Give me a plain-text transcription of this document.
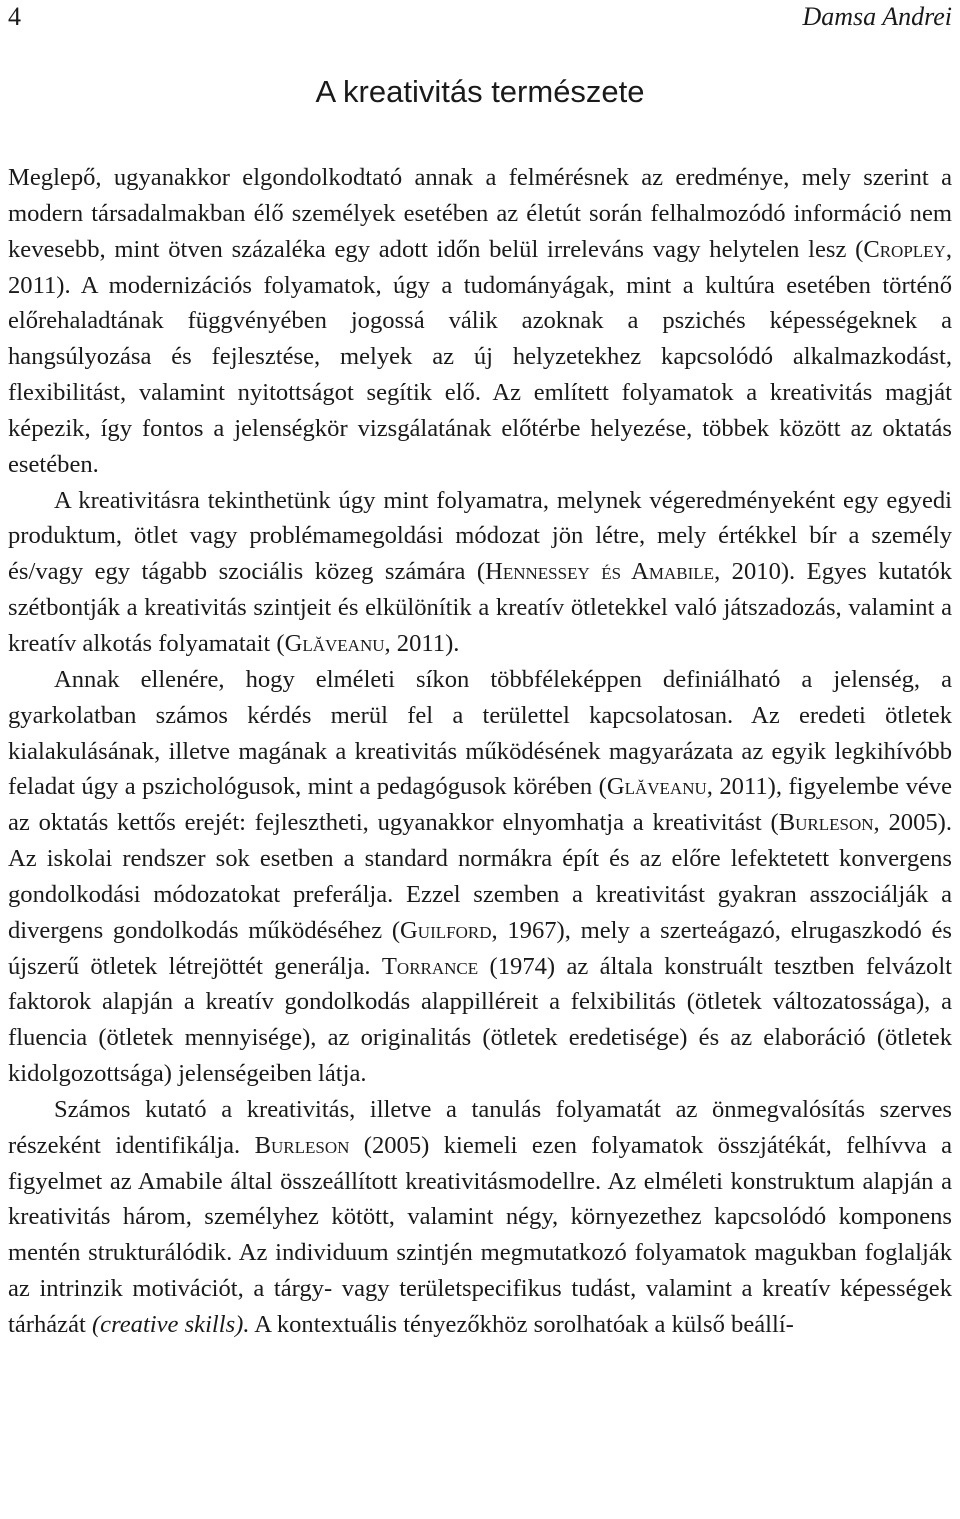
4	Damsa Andrei
A kreativitás természete

Meglepő, ugyanakkor elgondolkodtató annak a felmérésnek az eredménye, mely szerint a modern társadalmakban élő személyek esetében az életút során felhalmozódó információ nem kevesebb, mint ötven százaléka egy adott időn belül irreleváns vagy helytelen lesz (Cropley, 2011). A modernizációs folyamatok, úgy a tudományágak, mint a kultúra esetében történő előrehaladtának függvényében jogossá válik azoknak a pszichés képességeknek a hangsúlyozása és fejlesztése, melyek az új helyzetekhez kapcsolódó alkalmazkodást, flexibilitást, valamint nyitottságot segítik elő. Az említett folyamatok a kreativitás magját képezik, így fontos a jelenségkör vizsgálatának előtérbe helyezése, többek között az oktatás esetében.

A kreativitásra tekinthetünk úgy mint folyamatra, melynek végeredményeként egy egyedi produktum, ötlet vagy problémamegoldási módozat jön létre, mely értékkel bír a személy és/vagy egy tágabb szociális közeg számára (Hennessey és Amabile, 2010). Egyes kutatók szétbontják a kreativitás szintjeit és elkülönítik a kreatív ötletekkel való játszadozás, valamint a kreatív alkotás folyamatait (Glăveanu, 2011).

Annak ellenére, hogy elméleti síkon többféleképpen definiálható a jelenség, a gyarkolatban számos kérdés merül fel a területtel kapcsolatosan. Az eredeti ötletek kialakulásának, illetve magának a kreativitás működésének magyarázata az egyik legkihívóbb feladat úgy a pszichológusok, mint a pedagógusok körében (Glăveanu, 2011), figyelembe véve az oktatás kettős erejét: fejlesztheti, ugyanakkor elnyomhatja a kreativitást (Burleson, 2005). Az iskolai rendszer sok esetben a standard normákra épít és az előre lefektetett konvergens gondolkodási módozatokat preferálja. Ezzel szemben a kreativitást gyakran asszociálják a divergens gondolkodás működéséhez (Guilford, 1967), mely a szerteágazó, elrugaszkodó és újszerű ötletek létrejöttét generálja. Torrance (1974) az általa konstruált tesztben felvázolt faktorok alapján a kreatív gondolkodás alappilléreit a felxibilitás (ötletek változatossága), a fluencia (ötletek mennyisége), az originalitás (ötletek eredetisége) és az elaboráció (ötletek kidolgozottsága) jelenségeiben látja.

Számos kutató a kreativitás, illetve a tanulás folyamatát az önmegvalósítás szerves részeként identifikálja. Burleson (2005) kiemeli ezen folyamatok összjátékát, felhívva a figyelmet az Amabile által összeállított kreativitásmodellre. Az elméleti konstruktum alapján a kreativitás három, személyhez kötött, valamint négy, környezethez kapcsolódó komponens mentén strukturálódik. Az individuum szintjén megmutatkozó folyamatok magukban foglalják az intrinzik motivációt, a tárgy- vagy területspecifikus tudást, valamint a kreatív képességek tárházát (creative skills). A kontextuális tényezőkhöz sorolhatóak a külső beállí-
